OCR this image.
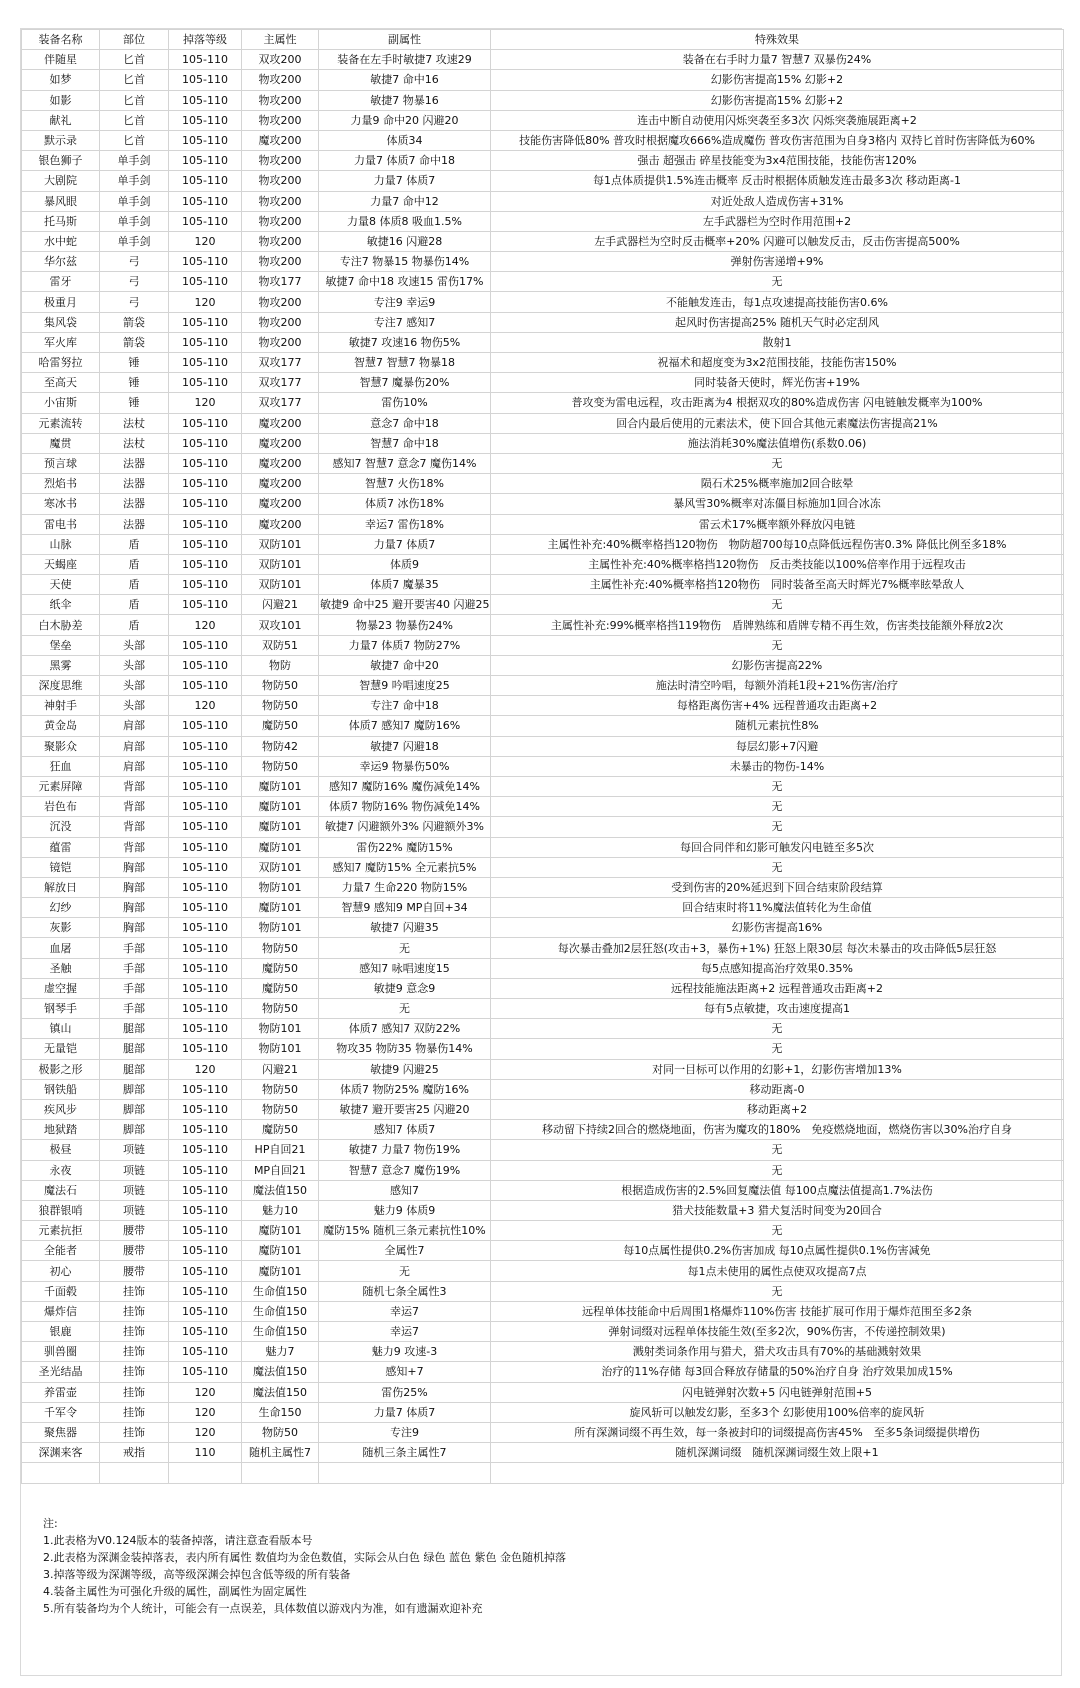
装备名称	部位	掉落等级	主属性	副属性	特殊效果
伴随星	匕首	105-110	双攻200	装备在左手时敏捷7 攻速29	装备在右手时力量7 智慧7 双暴伤24%
如梦	匕首	105-110	物攻200	敏捷7 命中16	幻影伤害提高15% 幻影+2
如影	匕首	105-110	物攻200	敏捷7 物暴16	幻影伤害提高15% 幻影+2
献礼	匕首	105-110	物攻200	力量9 命中20 闪避20	连击中断自动使用闪烁突袭至多3次 闪烁突袭施展距离+2
默示录	匕首	105-110	魔攻200	体质34	技能伤害降低80% 普攻时根据魔攻666%造成魔伤 普攻伤害范围为自身3格内 双持匕首时伤害降低为60%
银色狮子	单手剑	105-110	物攻200	力量7 体质7 命中18	强击 超强击 碎星技能变为3x4范围技能，技能伤害120%
大剧院	单手剑	105-110	物攻200	力量7 体质7	每1点体质提供1.5%连击概率 反击时根据体质触发连击最多3次 移动距离-1
暴风眼	单手剑	105-110	物攻200	力量7 命中12	对近处敌人造成伤害+31%
托马斯	单手剑	105-110	物攻200	力量8 体质8 吸血1.5%	左手武器栏为空时作用范围+2
水中蛇	单手剑	120	物攻200	敏捷16 闪避28	左手武器栏为空时反击概率+20% 闪避可以触发反击，反击伤害提高500%
华尔兹	弓	105-110	物攻200	专注7 物暴15 物暴伤14%	弹射伤害递增+9%
雷牙	弓	105-110	物攻177	敏捷7 命中18 攻速15 雷伤17%	无
极重月	弓	120	物攻200	专注9 幸运9	不能触发连击，每1点攻速提高技能伤害0.6%
集风袋	箭袋	105-110	物攻200	专注7 感知7	起风时伤害提高25% 随机天气时必定刮风
军火库	箭袋	105-110	物攻200	敏捷7 攻速16 物伤5%	散射1
哈雷努拉	锤	105-110	双攻177	智慧7 智慧7 物暴18	祝福术和超度变为3x2范围技能，技能伤害150%
至高天	锤	105-110	双攻177	智慧7 魔暴伤20%	同时装备天使时，辉光伤害+19%
小宙斯	锤	120	双攻177	雷伤10%	普攻变为雷电远程，攻击距离为4 根据双攻的80%造成伤害 闪电链触发概率为100%
元素流转	法杖	105-110	魔攻200	意念7 命中18	回合内最后使用的元素法术，使下回合其他元素魔法伤害提高21%
魔贯	法杖	105-110	魔攻200	智慧7 命中18	施法消耗30%魔法值增伤(系数0.06)
预言球	法器	105-110	魔攻200	感知7 智慧7 意念7 魔伤14%	无
烈焰书	法器	105-110	魔攻200	智慧7 火伤18%	陨石术25%概率施加2回合眩晕
寒冰书	法器	105-110	魔攻200	体质7 冰伤18%	暴风雪30%概率对冻僵目标施加1回合冰冻
雷电书	法器	105-110	魔攻200	幸运7 雷伤18%	雷云术17%概率额外释放闪电链
山脉	盾	105-110	双防101	力量7 体质7	主属性补充:40%概率格挡120物伤　物防超700每10点降低远程伤害0.3% 降低比例至多18%
天蝎座	盾	105-110	双防101	体质9	主属性补充:40%概率格挡120物伤　反击类技能以100%倍率作用于远程攻击
天使	盾	105-110	双防101	体质7 魔暴35	主属性补充:40%概率格挡120物伤　同时装备至高天时辉光7%概率眩晕敌人
纸伞	盾	105-110	闪避21	敏捷9 命中25 避开要害40 闪避25	无
白木胁差	盾	120	双攻101	物暴23 物暴伤24%	主属性补充:99%概率格挡119物伤　盾牌熟练和盾牌专精不再生效，伤害类技能额外释放2次
堡垒	头部	105-110	双防51	力量7 体质7 物防27%	无
黑雾	头部	105-110	物防	敏捷7 命中20	幻影伤害提高22%
深度思维	头部	105-110	物防50	智慧9 吟唱速度25	施法时清空吟唱，每额外消耗1段+21%伤害/治疗
神射手	头部	120	物防50	专注7 命中18	每格距离伤害+4% 远程普通攻击距离+2
黄金岛	肩部	105-110	魔防50	体质7 感知7 魔防16%	随机元素抗性8%
聚影众	肩部	105-110	物防42	敏捷7 闪避18	每层幻影+7闪避
狂血	肩部	105-110	物防50	幸运9 物暴伤50%	未暴击的物伤-14%
元素屏障	背部	105-110	魔防101	感知7 魔防16% 魔伤减免14%	无
岩色布	背部	105-110	魔防101	体质7 物防16% 物伤减免14%	无
沉没	背部	105-110	魔防101	敏捷7 闪避额外3% 闪避额外3%	无
蕴雷	背部	105-110	魔防101	雷伤22% 魔防15%	每回合同伴和幻影可触发闪电链至多5次
镜铠	胸部	105-110	双防101	感知7 魔防15% 全元素抗5%	无
解放日	胸部	105-110	物防101	力量7 生命220 物防15%	受到伤害的20%延迟到下回合结束阶段结算
幻纱	胸部	105-110	魔防101	智慧9 感知9 MP自回+34	回合结束时将11%魔法值转化为生命值
灰影	胸部	105-110	物防101	敏捷7 闪避35	幻影伤害提高16%
血屠	手部	105-110	物防50	无	每次暴击叠加2层狂怒(攻击+3，暴伤+1%) 狂怒上限30层 每次未暴击的攻击降低5层狂怒
圣触	手部	105-110	魔防50	感知7 咏唱速度15	每5点感知提高治疗效果0.35%
虚空握	手部	105-110	魔防50	敏捷9 意念9	远程技能施法距离+2 远程普通攻击距离+2
钢琴手	手部	105-110	物防50	无	每有5点敏捷，攻击速度提高1
镇山	腿部	105-110	物防101	体质7 感知7 双防22%	无
无量铠	腿部	105-110	物防101	物攻35 物防35 物暴伤14%	无
极影之形	腿部	120	闪避21	敏捷9 闪避25	对同一目标可以作用的幻影+1，幻影伤害增加13%
钢铁船	脚部	105-110	物防50	体质7 物防25% 魔防16%	移动距离-0
疾风步	脚部	105-110	物防50	敏捷7 避开要害25 闪避20	移动距离+2
地狱踏	脚部	105-110	魔防50	感知7 体质7	移动留下持续2回合的燃烧地面，伤害为魔攻的180%　免疫燃烧地面，燃烧伤害以30%治疗自身
极昼	项链	105-110	HP自回21	敏捷7 力量7 物伤19%	无
永夜	项链	105-110	MP自回21	智慧7 意念7 魔伤19%	无
魔法石	项链	105-110	魔法值150	感知7	根据造成伤害的2.5%回复魔法值 每100点魔法值提高1.7%法伤
狼群银哨	项链	105-110	魅力10	魅力9 体质9	猎犬技能数量+3 猎犬复活时间变为20回合
元素抗拒	腰带	105-110	魔防101	魔防15% 随机三条元素抗性10%	无
全能者	腰带	105-110	魔防101	全属性7	每10点属性提供0.2%伤害加成 每10点属性提供0.1%伤害减免
初心	腰带	105-110	魔防101	无	每1点未使用的属性点使双攻提高7点
千面毂	挂饰	105-110	生命值150	随机七条全属性3	无
爆炸信	挂饰	105-110	生命值150	幸运7	远程单体技能命中后周围1格爆炸110%伤害 技能扩展可作用于爆炸范围至多2条
银鹿	挂饰	105-110	生命值150	幸运7	弹射词缀对远程单体技能生效(至多2次，90%伤害，不传递控制效果)
驯兽圈	挂饰	105-110	魅力7	魅力9 攻速-3	溅射类词条作用与猎犬，猎犬攻击具有70%的基础溅射效果
圣光结晶	挂饰	105-110	魔法值150	感知+7	治疗的11%存储 每3回合释放存储量的50%治疗自身 治疗效果加成15%
养雷壶	挂饰	120	魔法值150	雷伤25%	闪电链弹射次数+5 闪电链弹射范围+5
千军令	挂饰	120	生命150	力量7 体质7	旋风斩可以触发幻影，至多3个 幻影使用100%倍率的旋风斩
聚焦器	挂饰	120	物防50	专注9	所有深渊词缀不再生效，每一条被封印的词缀提高伤害45%　至多5条词缀提供增伤
深渊来客	戒指	110	随机主属性7	随机三条主属性7	随机深渊词缀　随机深渊词缀生效上限+1

注:
1.此表格为V0.124版本的装备掉落，请注意查看版本号
2.此表格为深渊金装掉落表，表内所有属性 数值均为金色数值，实际会从白色 绿色 蓝色 紫色 金色随机掉落
3.掉落等级为深渊等级，高等级深渊会掉包含低等级的所有装备
4.装备主属性为可强化升级的属性，副属性为固定属性
5.所有装备均为个人统计，可能会有一点误差，具体数值以游戏内为准，如有遗漏欢迎补充
